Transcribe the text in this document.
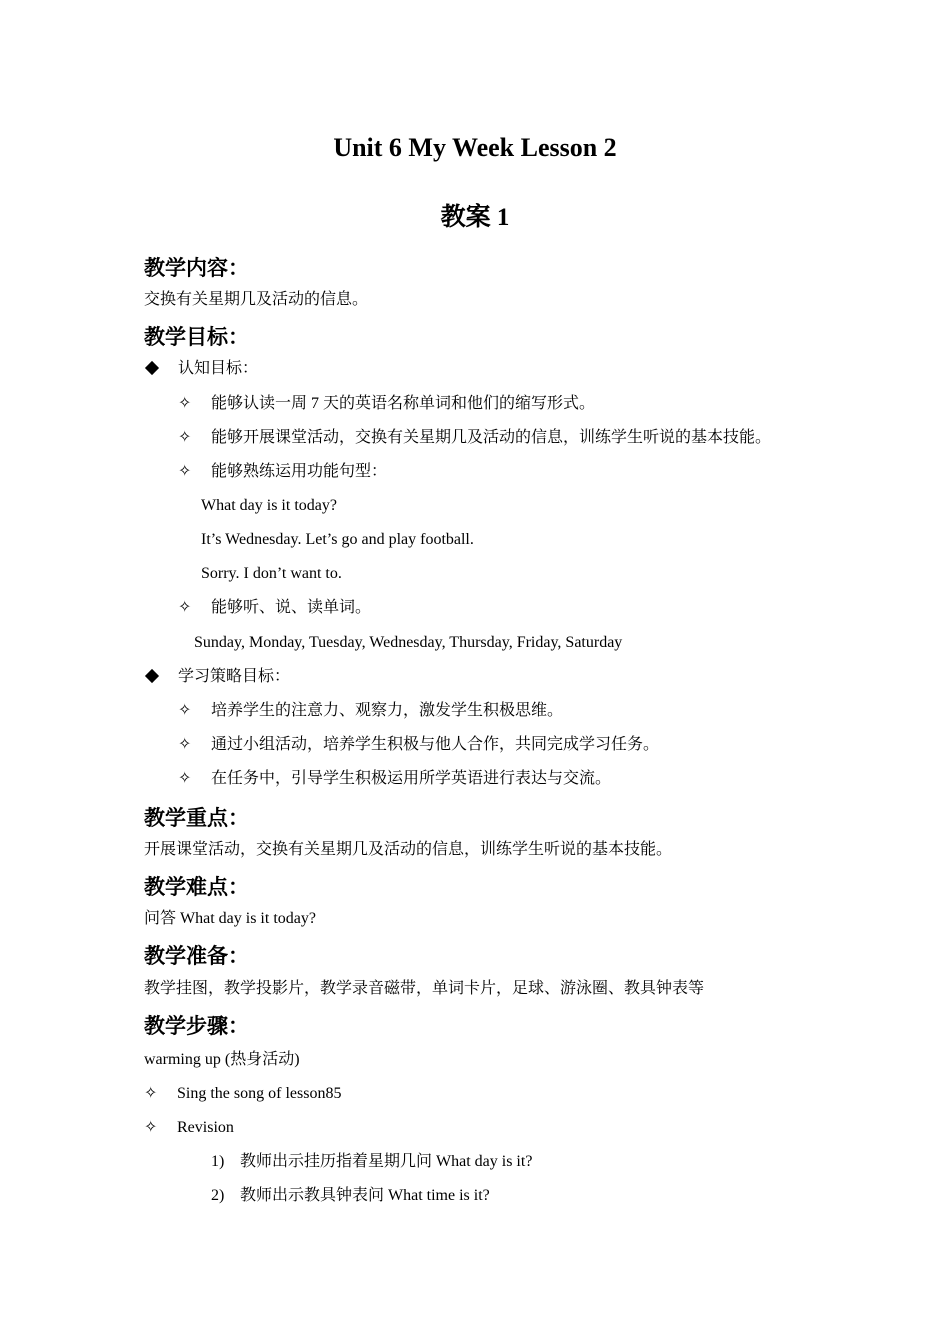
Unit 6 My Week Lesson 2
教案 1
教学内容：
交换有关星期几及活动的信息。
教学目标：
认知目标：
✧ 能够认读一周 7 天的英语名称单词和他们的缩写形式。
✧ 能够开展课堂活动，交换有关星期几及活动的信息，训练学生听说的基本技能。
✧ 能够熟练运用功能句型：
What day is it today?
It’s Wednesday. Let’s go and play football.
Sorry. I don’t want to.
✧ 能够听、说、读单词。
Sunday, Monday, Tuesday, Wednesday, Thursday, Friday, Saturday
学习策略目标：
✧ 培养学生的注意力、观察力，激发学生积极思维。
✧ 通过小组活动，培养学生积极与他人合作，共同完成学习任务。
✧ 在任务中，引导学生积极运用所学英语进行表达与交流。
教学重点：
开展课堂活动，交换有关星期几及活动的信息，训练学生听说的基本技能。
教学难点：
问答 What day is it today?
教学准备：
教学挂图，教学投影片，教学录音磁带，单词卡片，足球、游泳圈、教具钟表等
教学步骤：
warming up (热身活动)
✧ Sing the song of lesson85
✧ Revision
1) 教师出示挂历指着星期几问 What day is it?
2) 教师出示教具钟表问 What time is it?
